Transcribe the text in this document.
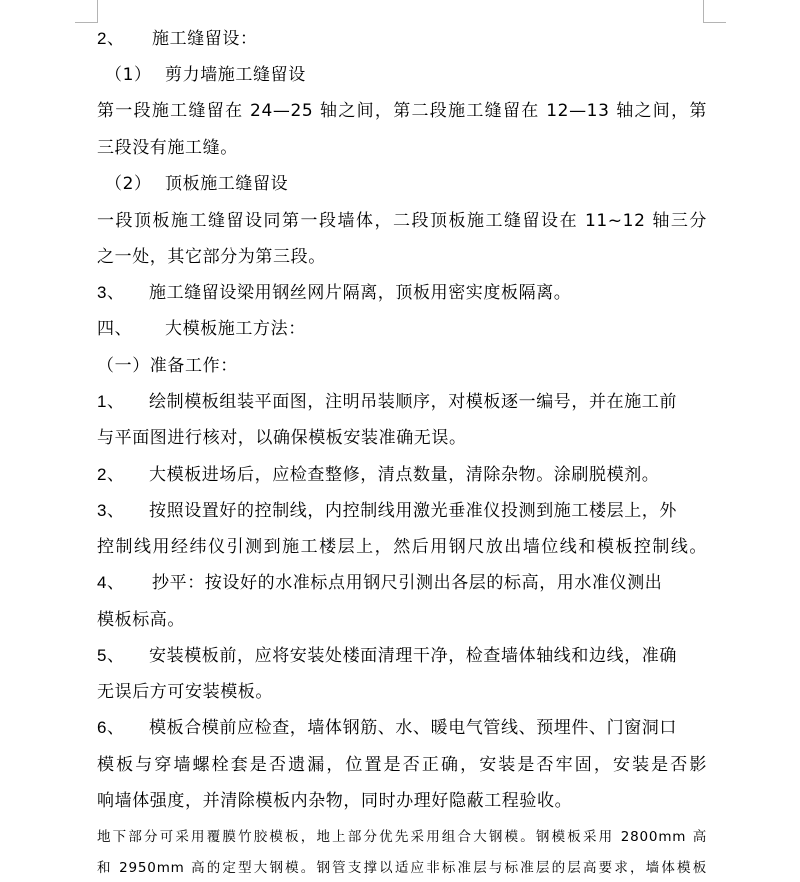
2、 施工缝留设：
（1） 剪力墙施工缝留设
第一段施工缝留在 24—25 轴之间，第二段施工缝留在 12—13 轴之间，第
三段没有施工缝。
（2） 顶板施工缝留设
一段顶板施工缝留设同第一段墙体，二段顶板施工缝留设在 11~12 轴三分
之一处，其它部分为第三段。
3、 施工缝留设梁用钢丝网片隔离，顶板用密实度板隔离。
四、 大模板施工方法：
（一）准备工作：
1、 绘制模板组装平面图，注明吊装顺序，对模板逐一编号，并在施工前
与平面图进行核对，以确保模板安装准确无误。
2、 大模板进场后，应检查整修，清点数量，清除杂物。涂刷脱模剂。
3、 按照设置好的控制线，内控制线用激光垂准仪投测到施工楼层上，外
控制线用经纬仪引测到施工楼层上，然后用钢尺放出墙位线和模板控制线。
4、 抄平：按设好的水准标点用钢尺引测出各层的标高，用水准仪测出
模板标高。
5、 安装模板前，应将安装处楼面清理干净，检查墙体轴线和边线，准确
无误后方可安装模板。
6、 模板合模前应检查，墙体钢筋、水、暖电气管线、预埋件、门窗洞口
模板与穿墙螺栓套是否遗漏，位置是否正确，安装是否牢固，安装是否影
响墙体强度，并清除模板内杂物，同时办理好隐蔽工程验收。
地下部分可采用覆膜竹胶模板，地上部分优先采用组合大钢模。钢模板采用 2800mm 高
和 2950mm 高的定型大钢模。钢管支撑以适应非标准层与标准层的层高要求，墙体模板
